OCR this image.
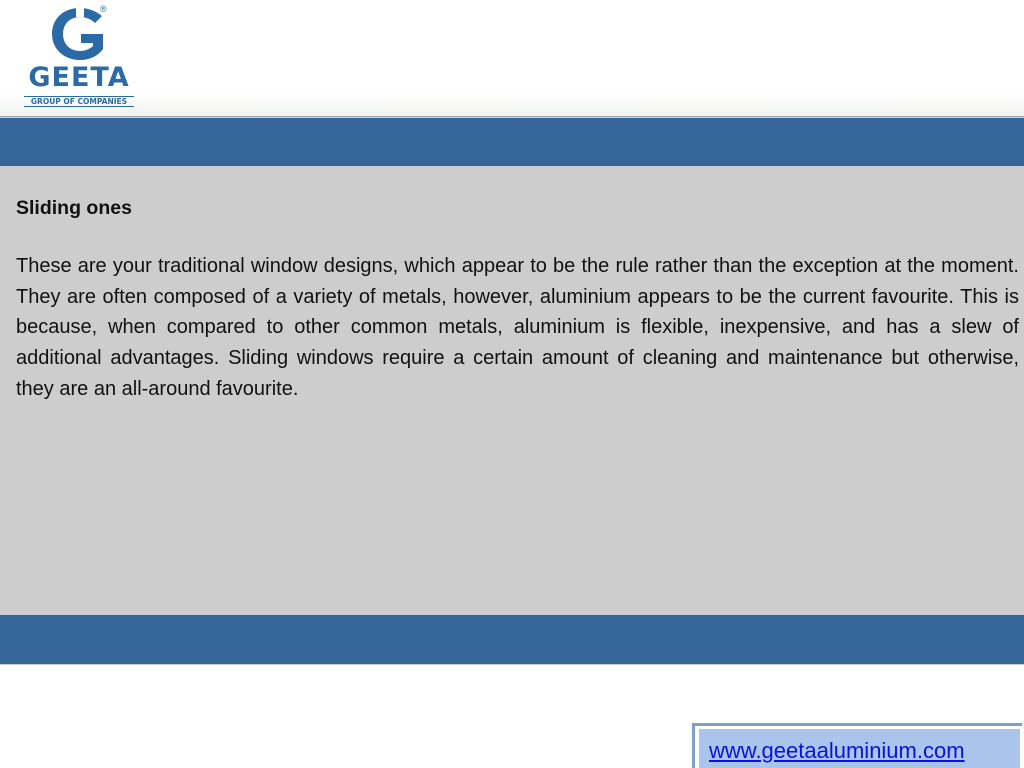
®
GEETA
GROUP OF COMPANIES

Sliding ones

These are your traditional window designs, which appear to be the rule rather than the exception at the moment. They are often composed of a variety of metals, however, aluminium appears to be the current favourite. This is because, when compared to other common metals, aluminium is flexible, inexpensive, and has a slew of additional advantages. Sliding windows require a certain amount of cleaning and maintenance but otherwise, they are an all-around favourite.

www.geetaaluminium.com
